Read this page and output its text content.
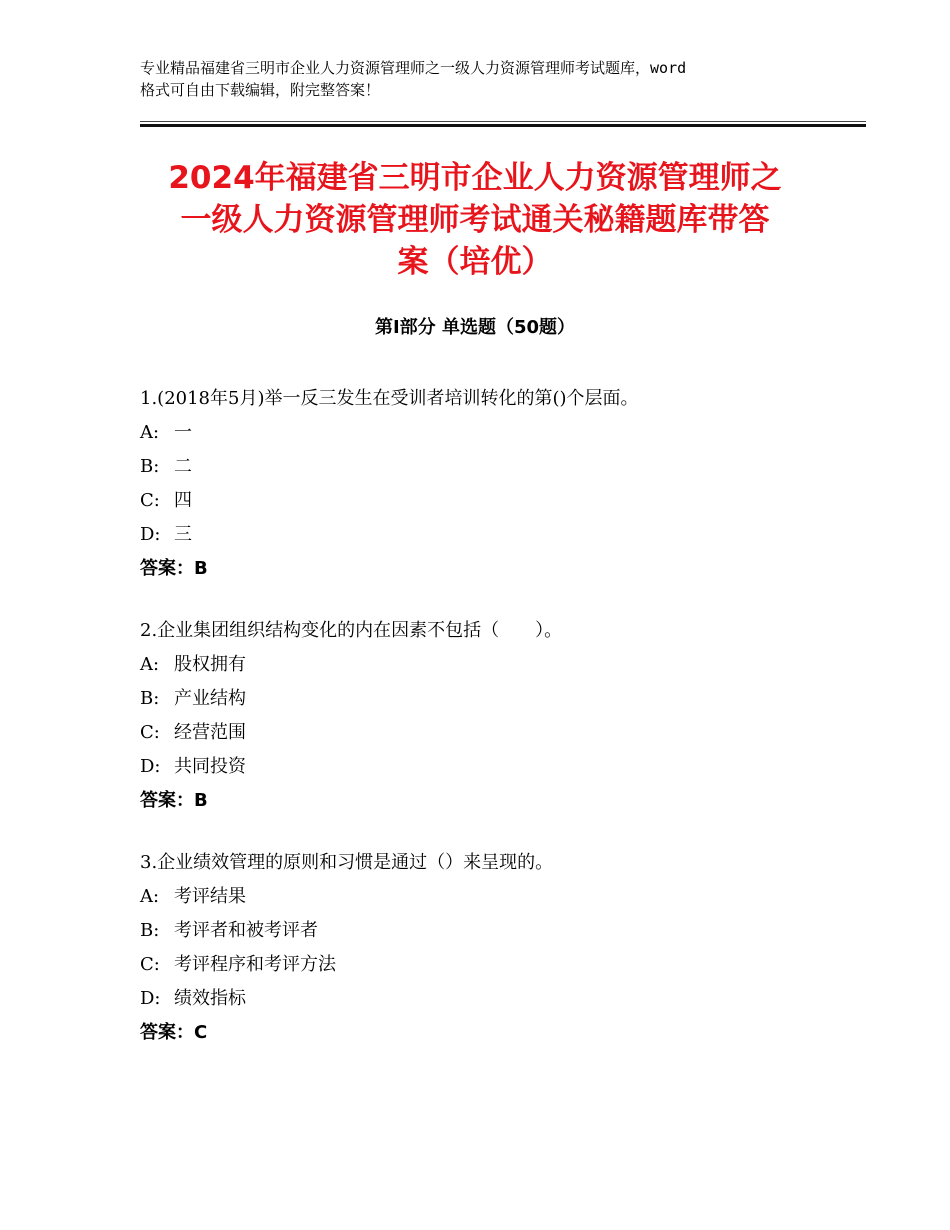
专业精品福建省三明市企业人力资源管理师之一级人力资源管理师考试题库，word

格式可自由下载编辑，附完整答案！

2024年福建省三明市企业人力资源管理师之

一级人力资源管理师考试通关秘籍题库带答

案（培优）

第Ⅰ部分 单选题（50题）

1.(2018年5月)举一反三发生在受训者培训转化的第()个层面。

A: 一

B: 二

C: 四

D: 三

答案：B

2.企业集团组织结构变化的内在因素不包括（　　）。

A: 股权拥有

B: 产业结构

C: 经营范围

D: 共同投资

答案：B

3.企业绩效管理的原则和习惯是通过（）来呈现的。

A: 考评结果

B: 考评者和被考评者

C: 考评程序和考评方法

D: 绩效指标

答案：C
